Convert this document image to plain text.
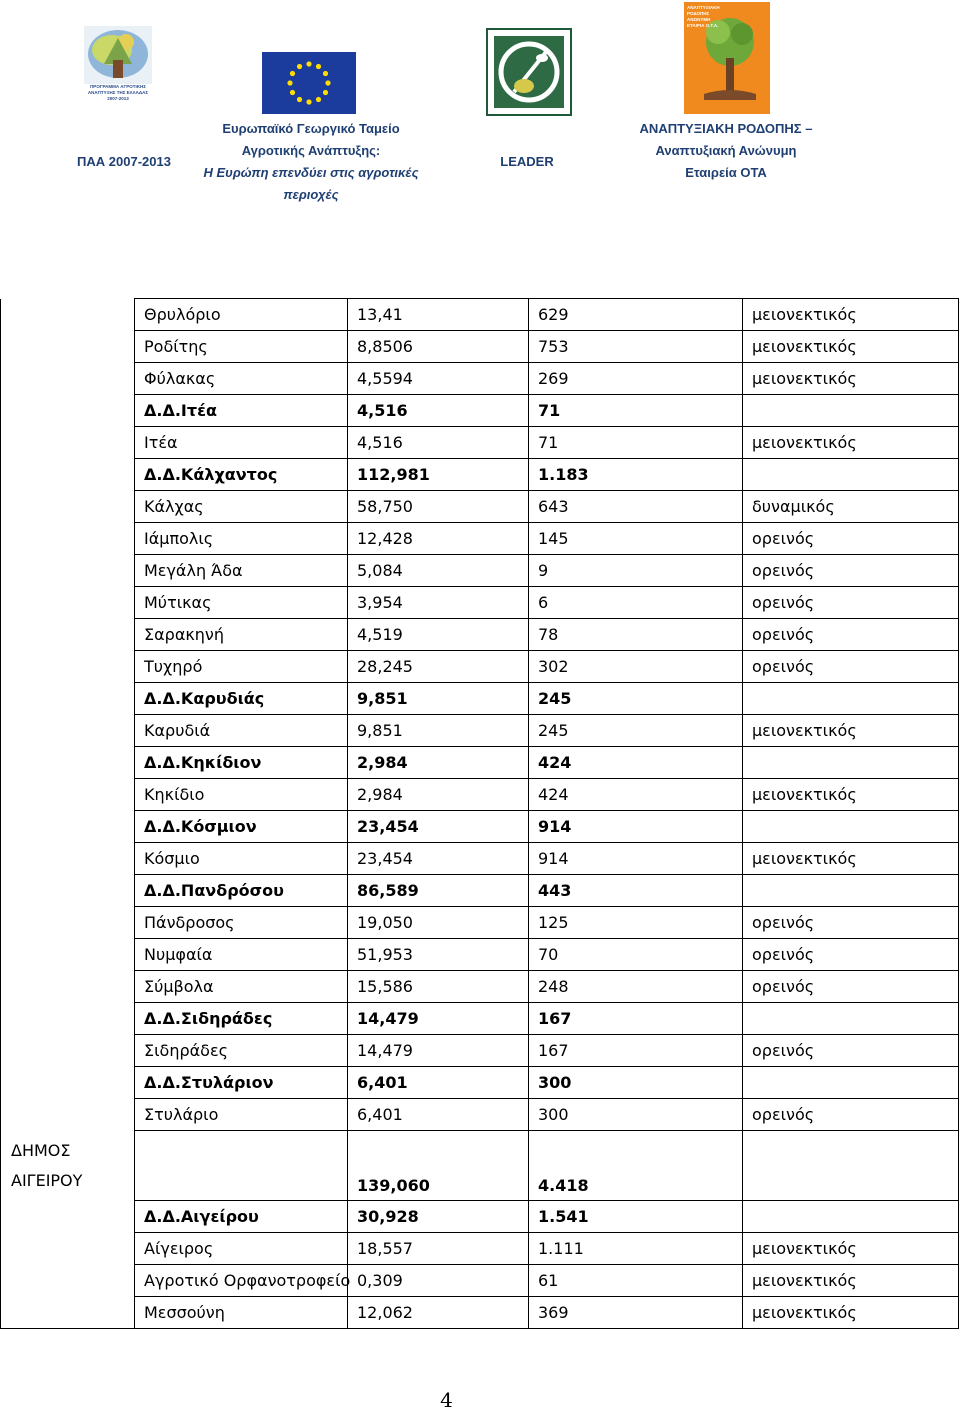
ΠΡΟΓΡΑΜΜΑ ΑΓΡΟΤΙΚΗΣ ΑΝΑΠΤΥΞΗΣ ΤΗΣ ΕΛΛΑΔΑΣ 2007-2013
ΑΝΑΠΤΥΞΙΑΚΗ ΡΟΔΟΠΗΣ ΑΝΩΝΥΜΗ ΕΤΑΙΡΙΑ Ο.Τ.Α.
ΠΑΑ 2007-2013
Ευρωπαϊκό Γεωργικό Ταμείο
Αγροτικής Ανάπτυξης:
Η Ευρώπη επενδύει στις αγροτικές
περιοχές
LEADER
ΑΝΑΠΤΥΞΙΑΚΗ ΡΟΔΟΠΗΣ –
Αναπτυξιακή Ανώνυμη
Εταιρεία ΟΤΑ
	Θρυλόριο	13,41	629	μειονεκτικός
	Ροδίτης	8,8506	753	μειονεκτικός
	Φύλακας	4,5594	269	μειονεκτικός
	Δ.Δ.Ιτέα	4,516	71	
	Ιτέα	4,516	71	μειονεκτικός
	Δ.Δ.Κάλχαντος	112,981	1.183	
	Κάλχας	58,750	643	δυναμικός
	Ιάμπολις	12,428	145	ορεινός
	Μεγάλη Άδα	5,084	9	ορεινός
	Μύτικας	3,954	6	ορεινός
	Σαρακηνή	4,519	78	ορεινός
	Τυχηρό	28,245	302	ορεινός
	Δ.Δ.Καρυδιάς	9,851	245	
	Καρυδιά	9,851	245	μειονεκτικός
	Δ.Δ.Κηκίδιον	2,984	424	
	Κηκίδιο	2,984	424	μειονεκτικός
	Δ.Δ.Κόσμιον	23,454	914	
	Κόσμιο	23,454	914	μειονεκτικός
	Δ.Δ.Πανδρόσου	86,589	443	
	Πάνδροσος	19,050	125	ορεινός
	Νυμφαία	51,953	70	ορεινός
	Σύμβολα	15,586	248	ορεινός
	Δ.Δ.Σιδηράδες	14,479	167	
	Σιδηράδες	14,479	167	ορεινός
	Δ.Δ.Στυλάριον	6,401	300	
	Στυλάριο	6,401	300	ορεινός

ΔΗΜΟΣ
ΑΙΓΕΙΡΟΥ		139,060	4.418	
	Δ.Δ.Αιγείρου	30,928	1.541	
	Αίγειρος	18,557	1.111	μειονεκτικός
	Αγροτικό Ορφανοτροφείο	0,309	61	μειονεκτικός
	Μεσσούνη	12,062	369	μειονεκτικός
4
